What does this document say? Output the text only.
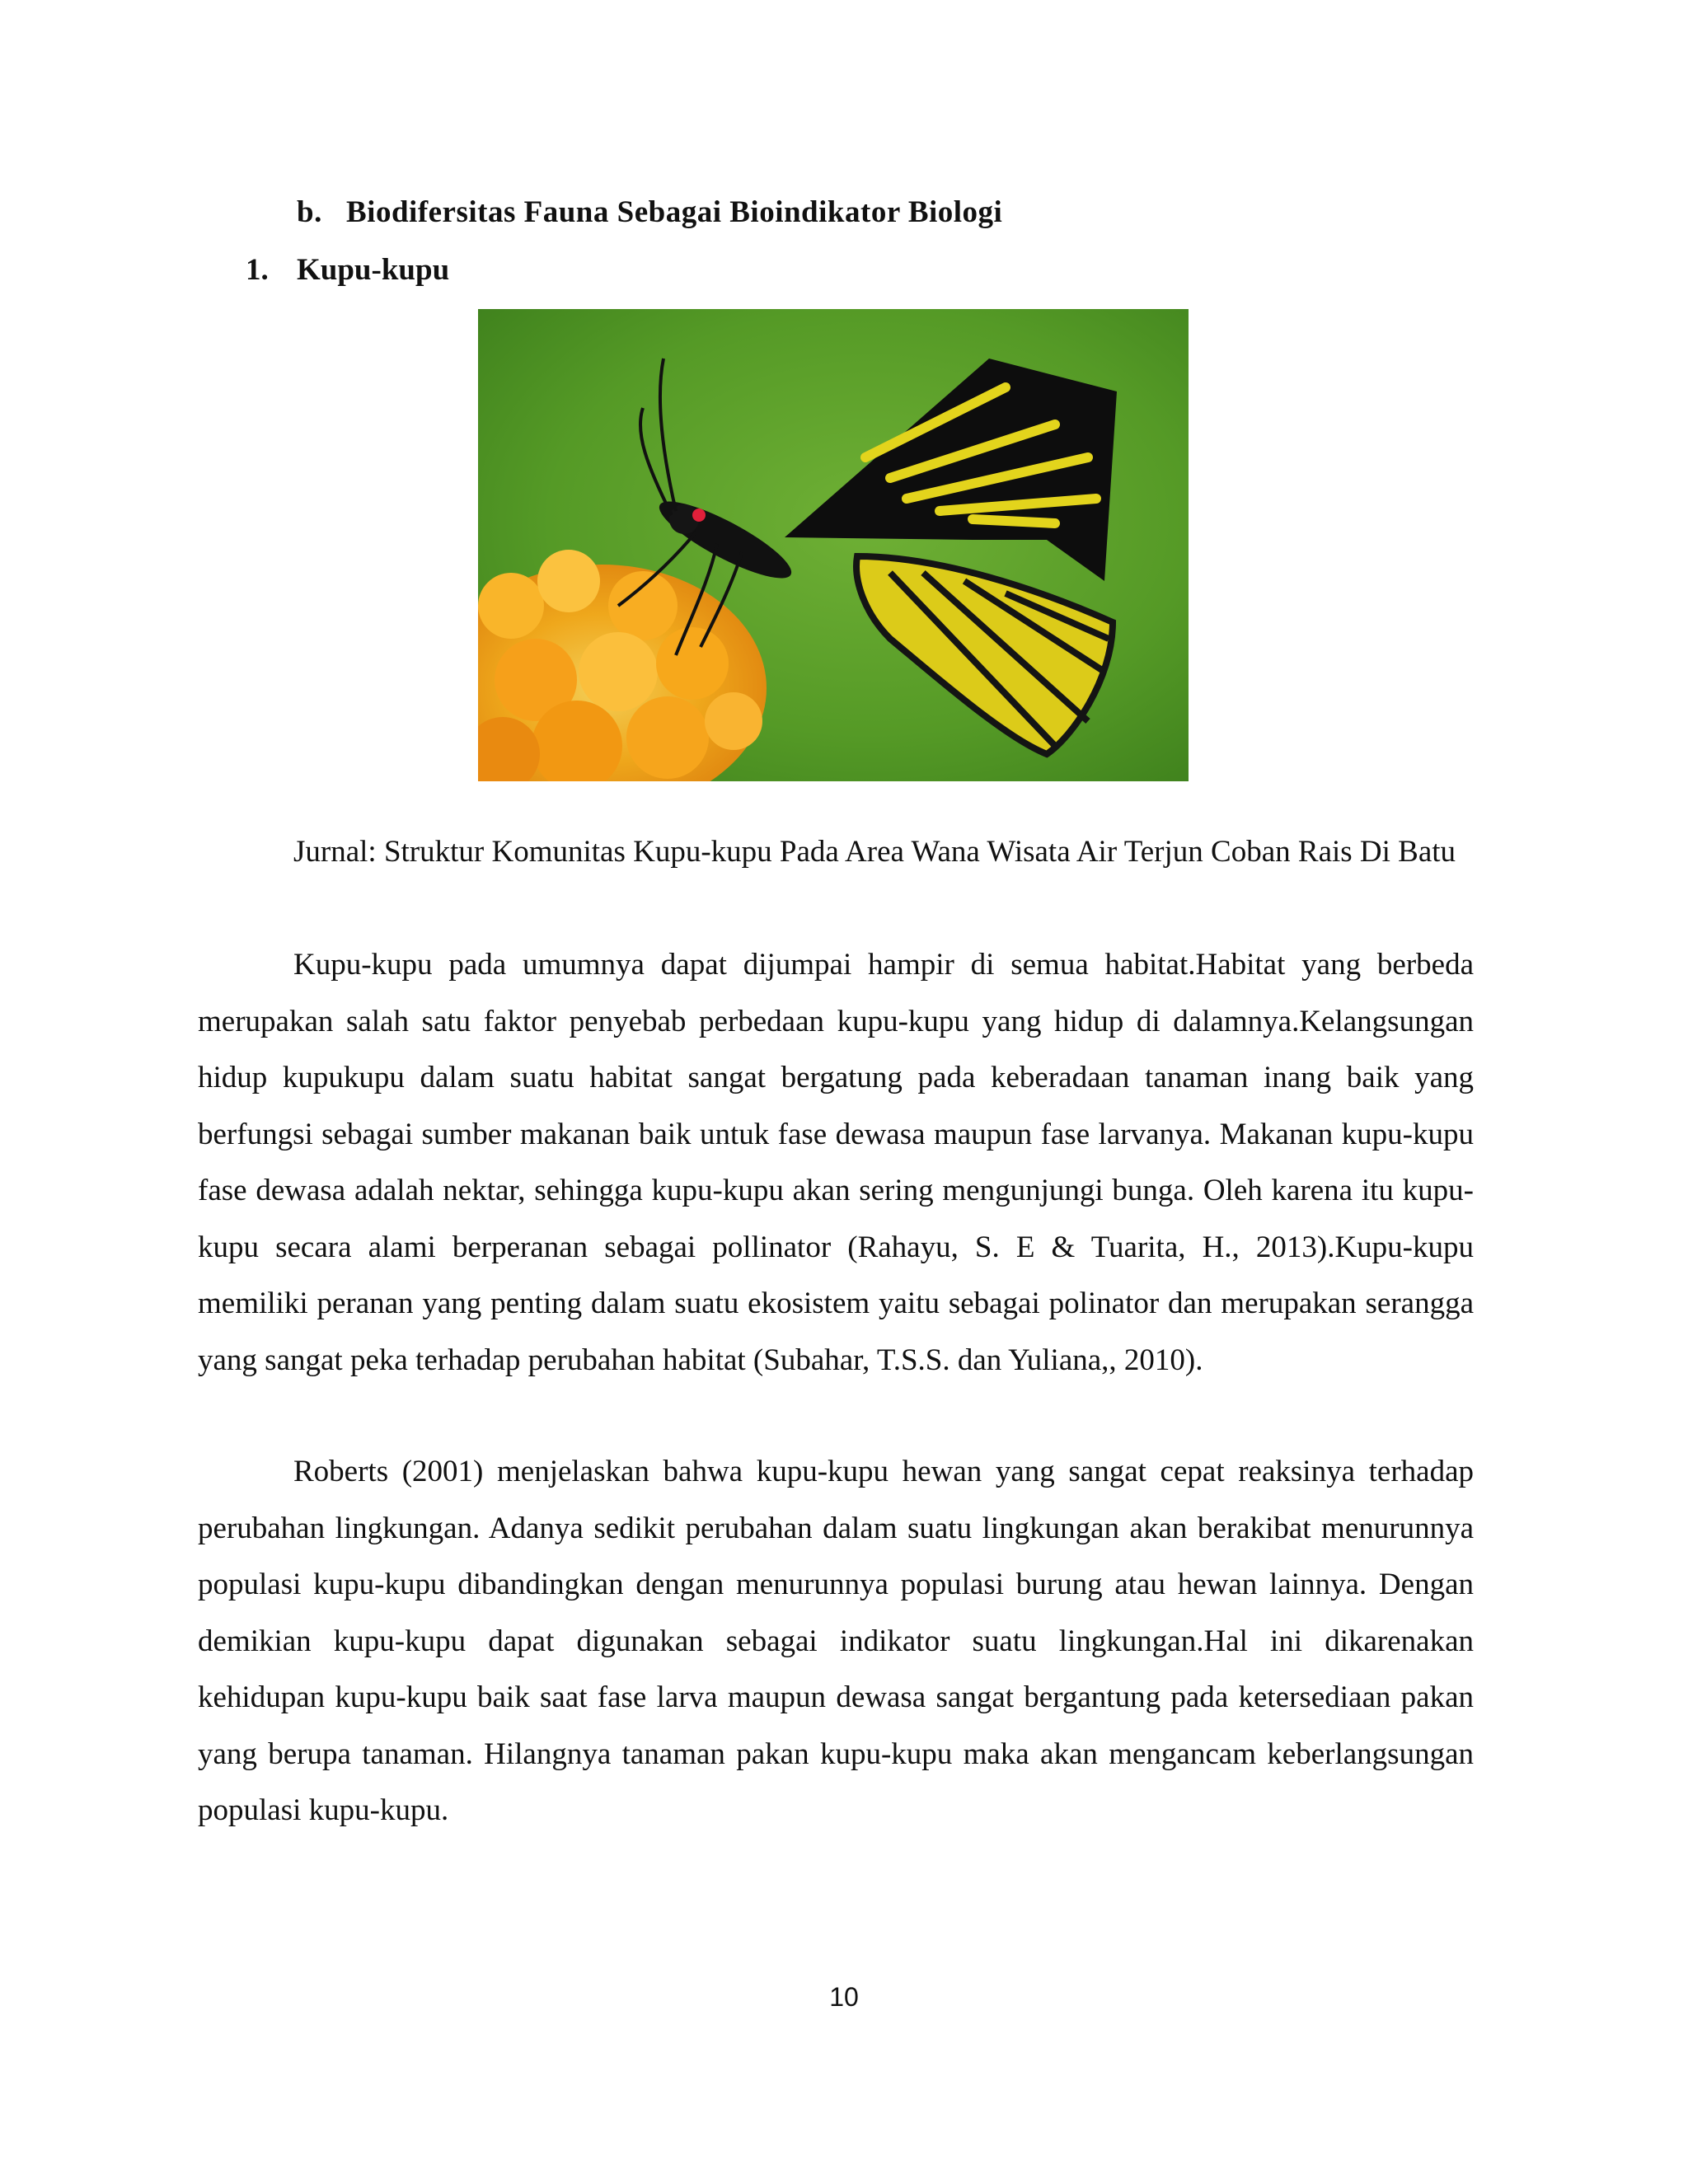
b. Biodifersitas Fauna Sebagai Bioindikator Biologi
1. Kupu-kupu

Jurnal: Struktur Komunitas Kupu-kupu Pada Area Wana Wisata Air Terjun Coban Rais Di Batu

Kupu-kupu pada umumnya dapat dijumpai hampir di semua habitat.Habitat yang berbeda merupakan salah satu faktor penyebab perbedaan kupu-kupu yang hidup di dalamnya.Kelangsungan hidup kupukupu dalam suatu habitat sangat bergatung pada keberadaan tanaman inang baik yang berfungsi sebagai sumber makanan baik untuk fase dewasa maupun fase larvanya. Makanan kupu-kupu fase dewasa adalah nektar, sehingga kupu-kupu akan sering mengunjungi bunga. Oleh karena itu kupu-kupu secara alami berperanan sebagai pollinator (Rahayu, S. E & Tuarita, H., 2013).Kupu-kupu memiliki peranan yang penting dalam suatu ekosistem yaitu sebagai polinator dan merupakan serangga yang sangat peka terhadap perubahan habitat (Subahar, T.S.S. dan Yuliana,, 2010).

Roberts (2001) menjelaskan bahwa kupu-kupu hewan yang sangat cepat reaksinya terhadap perubahan lingkungan. Adanya sedikit perubahan dalam suatu lingkungan akan berakibat menurunnya populasi kupu-kupu dibandingkan dengan menurunnya populasi burung atau hewan lainnya. Dengan demikian kupu-kupu dapat digunakan sebagai indikator suatu lingkungan.Hal ini dikarenakan kehidupan kupu-kupu baik saat fase larva maupun dewasa sangat bergantung pada ketersediaan pakan yang berupa tanaman. Hilangnya tanaman pakan kupu-kupu maka akan mengancam keberlangsungan populasi kupu-kupu.

10
